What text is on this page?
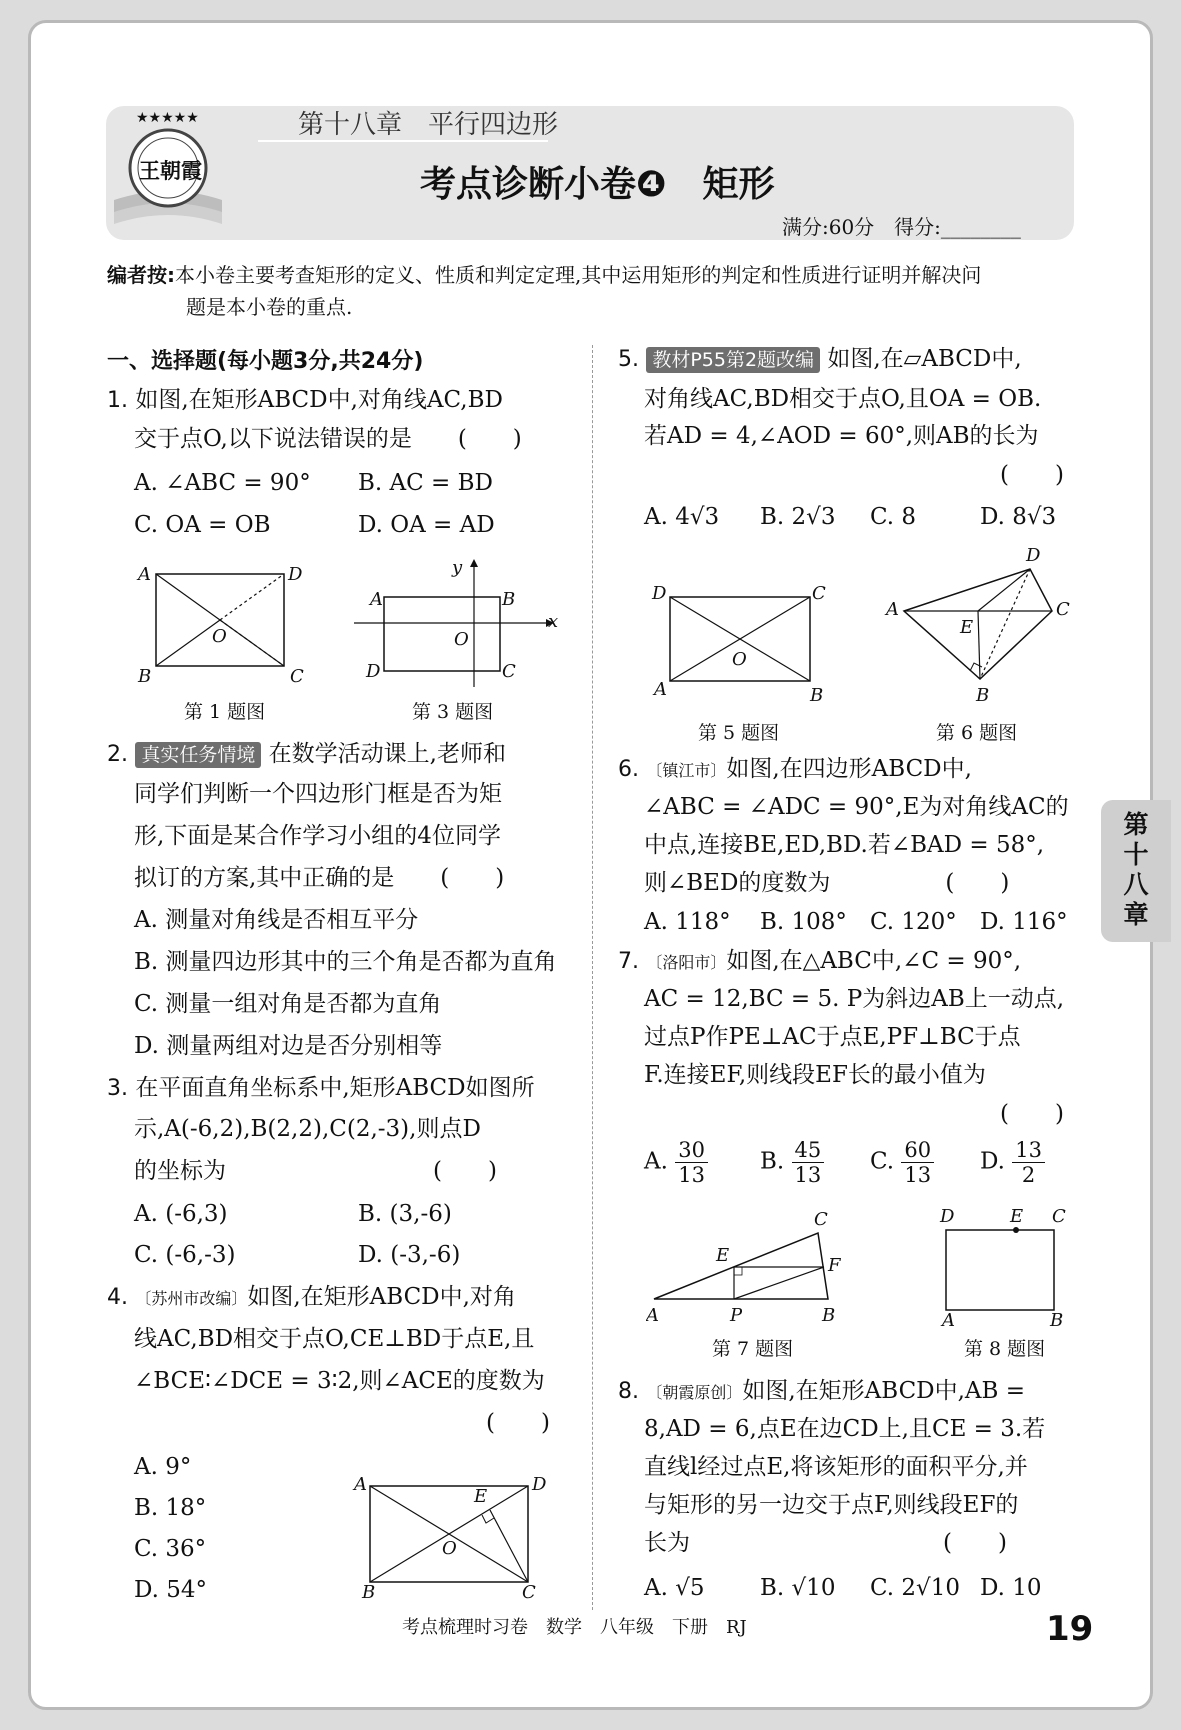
★★★★★
王朝霞
第十八章　平行四边形
考点诊断小卷❹　矩形
满分:60分　得分:________
编者按:本小卷主要考查矩形的定义、性质和判定定理,其中运用矩形的判定和性质进行证明并解决问
题是本小卷的重点.
一、选择题(每小题3分,共24分)
1. 如图,在矩形ABCD中,对角线AC,BD
交于点O,以下说法错误的是　　(　　)
A. ∠ABC = 90° B. AC = BD
C. OA = OB	D. OA = AD
A	D
B	C
O
第 1 题图
y
x
A	B
D	C
O
第 3 题图
2. 真实任务情境 在数学活动课上,老师和
同学们判断一个四边形门框是否为矩
形,下面是某合作学习小组的4位同学
拟订的方案,其中正确的是　　(　　)
A. 测量对角线是否相互平分
B. 测量四边形其中的三个角是否都为直角
C. 测量一组对角是否都为直角
D. 测量两组对边是否分别相等
3. 在平面直角坐标系中,矩形ABCD如图所
示,A(-6,2),B(2,2),C(2,-3),则点D
的坐标为　　　　　　　　　(　　)
A. (-6,3)	B. (3,-6)
C. (-6,-3)	D. (-3,-6)
4. 〔苏州市改编〕如图,在矩形ABCD中,对角
线AC,BD相交于点O,CE⊥BD于点E,且
∠BCE∶∠DCE = 3∶2,则∠ACE的度数为
(　　)
A. 9°
B. 18°
C. 36°
D. 54°
A	D
B	C
E
O
5. 教材P55第2题改编 如图,在▱ABCD中,
对角线AC,BD相交于点O,且OA = OB.
若AD = 4,∠AOD = 60°,则AB的长为
(　　)
A. 4√3 B. 2√3 C. 8	D. 8√3
D	C
A	B
O
第 5 题图
A
D
C
B
E
第 6 题图
6. 〔镇江市〕如图,在四边形ABCD中,
∠ABC = ∠ADC = 90°,E为对角线AC的
中点,连接BE,ED,BD.若∠BAD = 58°,
则∠BED的度数为　　　　　(　　)
A. 118° B. 108° C. 120° D. 116°
7. 〔洛阳市〕如图,在△ABC中,∠C = 90°,
AC = 12,BC = 5. P为斜边AB上一动点,
过点P作PE⊥AC于点E,PF⊥BC于点
F.连接EF,则线段EF长的最小值为
(　　)
A. $\frac{30}{13} B$. $\frac{45}{13} C$. $\frac{60}{13} D$. $\frac{13}{2}$
A	B
C
P
E	F
第 7 题图
D	E C
A	B
第 8 题图
8. 〔朝霞原创〕如图,在矩形ABCD中,AB =
8,AD = 6,点E在边CD上,且CE = 3.若
直线l经过点E,将该矩形的面积平分,并
与矩形的另一边交于点F,则线段EF的
长为　　　　　　　　　　　(　　)
A. √5 B. √10 C. 2√10 D. 10
第
十
八
章
考点梳理时习卷　数学　八年级　下册　RJ	19
